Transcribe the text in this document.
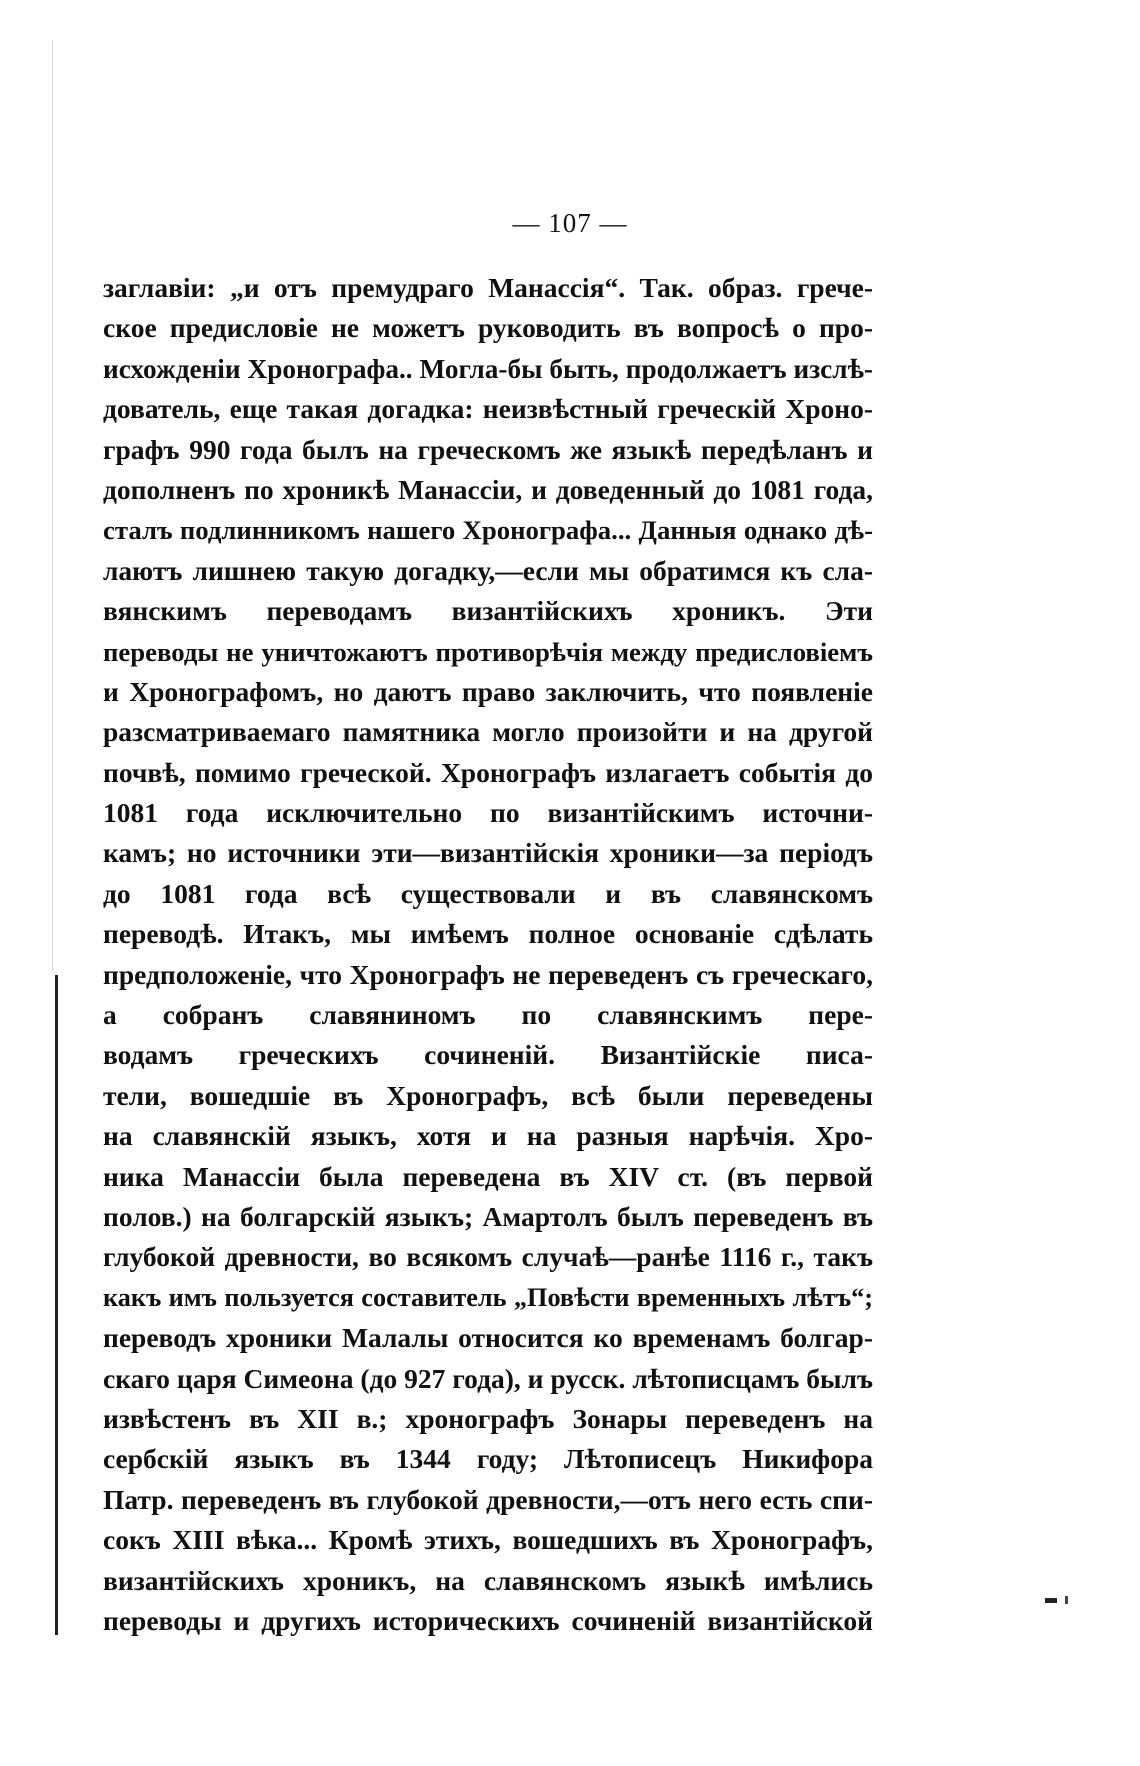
— 107 —
заглавіи: „и отъ премудраго Манассія“. Так. образ. грече-
ское предисловіе не можетъ руководить въ вопросѣ о про-
исхожденіи Хронографа.. Могла-бы быть, продолжаетъ изслѣ-
дователь, еще такая догадка: неизвѣстный греческій Хроно-
графъ 990 года былъ на греческомъ же языкѣ передѣланъ и
дополненъ по хроникѣ Манассіи, и доведенный до 1081 года,
сталъ подлинникомъ нашего Хронографа... Данныя однако дѣ-
лаютъ лишнею такую догадку,—если мы обратимся къ сла-
вянскимъ переводамъ византійскихъ хроникъ. Эти
переводы не уничтожаютъ противорѣчія между предисловіемъ
и Хронографомъ, но даютъ право заключить, что появленіе
разсматриваемаго памятника могло произойти и на другой
почвѣ, помимо греческой. Хронографъ излагаетъ событія до
1081 года исключительно по византійскимъ источни-
камъ; но источники эти—византійскія хроники—за періодъ
до 1081 года всѣ существовали и въ славянскомъ
переводѣ. Итакъ, мы имѣемъ полное основаніе сдѣлать
предположеніе, что Хронографъ не переведенъ съ греческаго,
а собранъ славяниномъ по славянскимъ пере-
водамъ греческихъ сочиненій. Византійскіе писа-
тели, вошедшіе въ Хронографъ, всѣ были переведены
на славянскій языкъ, хотя и на разныя нарѣчія. Хро-
ника Манассіи была переведена въ XIV ст. (въ первой
полов.) на болгарскій языкъ; Амартолъ былъ переведенъ въ
глубокой древности, во всякомъ случаѣ—ранѣе 1116 г., такъ
какъ имъ пользуется составитель „Повѣсти временныхъ лѣтъ“;
переводъ хроники Малалы относится ко временамъ болгар-
скаго царя Симеона (до 927 года), и русск. лѣтописцамъ былъ
извѣстенъ въ XII в.; хронографъ Зонары переведенъ на
сербскій языкъ въ 1344 году; Лѣтописецъ Никифора
Патр. переведенъ въ глубокой древности,—отъ него есть спи-
сокъ XIII вѣка... Кромѣ этихъ, вошедшихъ въ Хронографъ,
византійскихъ хроникъ, на славянскомъ языкѣ имѣлись
переводы и другихъ историческихъ сочиненій византійской
